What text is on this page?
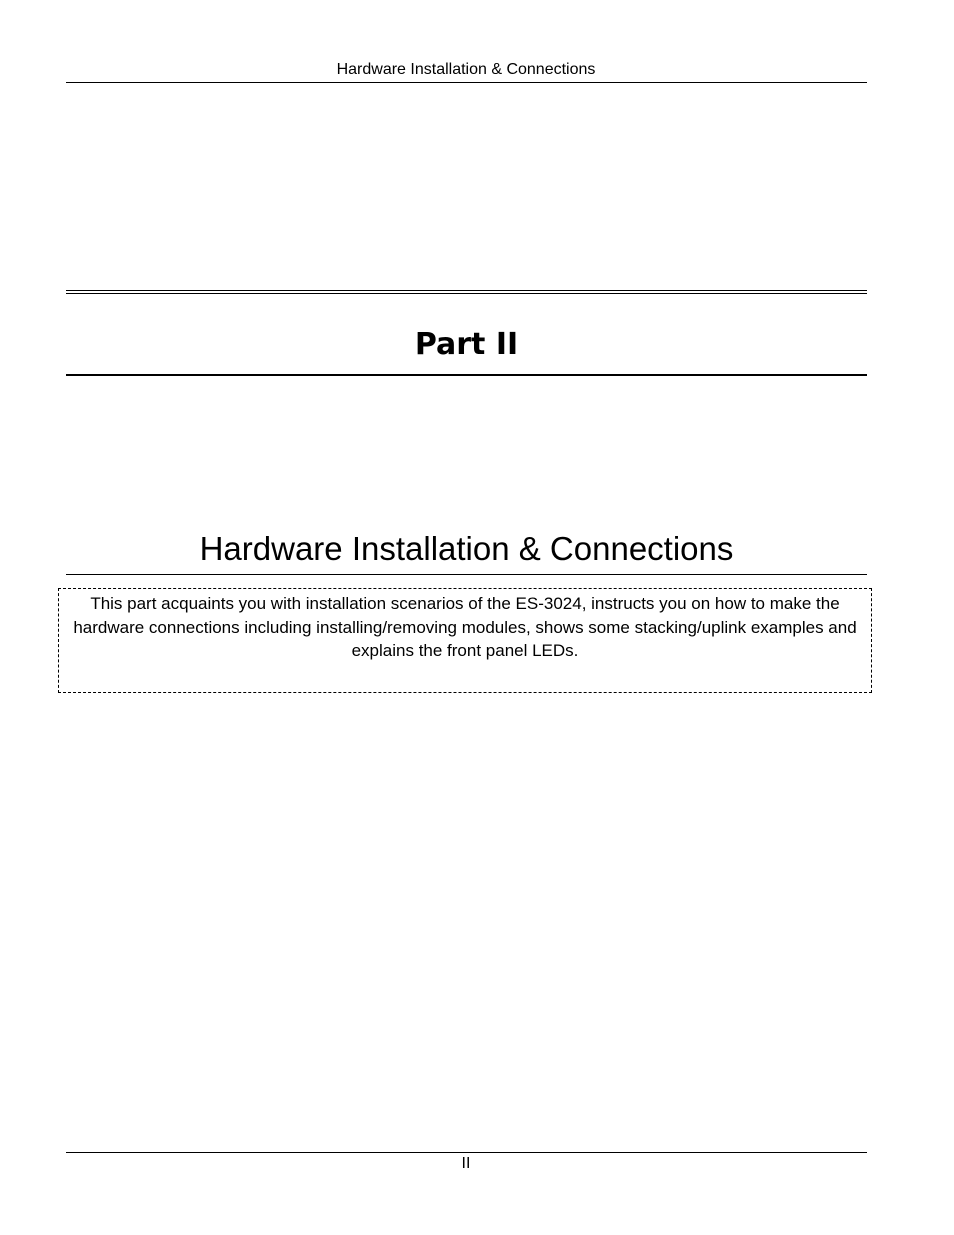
Hardware Installation & Connections
Part II
Hardware Installation & Connections
This part acquaints you with installation scenarios of the ES-3024, instructs you on how to make the hardware connections including installing/removing modules, shows some stacking/uplink examples and explains the front panel LEDs.
II
